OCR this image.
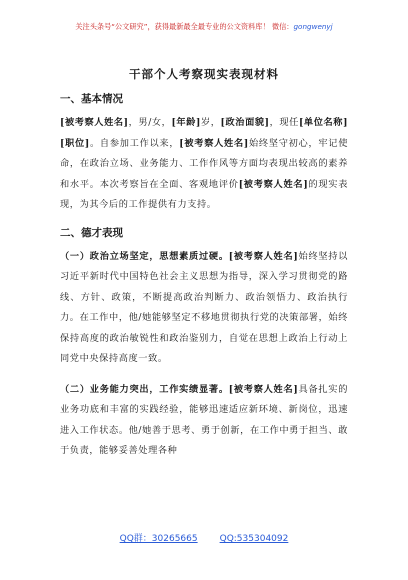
关注头条号“公文研究”，获得最新最全最专业的公文资料库！ 微信：gongwenyj
干部个人考察现实表现材料
一、基本情况

[被考察人姓名]，男/女，[年龄]岁，[政治面貌]，现任[单位名称][职位]。自参加工作以来，[被考察人姓名]始终坚守初心，牢记使命，在政治立场、业务能力、工作作风等方面均表现出较高的素养和水平。本次考察旨在全面、客观地评价[被考察人姓名]的现实表现，为其今后的工作提供有力支持。

二、德才表现

（一）政治立场坚定，思想素质过硬。[被考察人姓名]始终坚持以习近平新时代中国特色社会主义思想为指导，深入学习贯彻党的路线、方针、政策，不断提高政治判断力、政治领悟力、政治执行力。在工作中，他/她能够坚定不移地贯彻执行党的决策部署，始终保持高度的政治敏锐性和政治鉴别力，自觉在思想上政治上行动上同党中央保持高度一致。

（二）业务能力突出，工作实绩显著。[被考察人姓名]具备扎实的业务功底和丰富的实践经验，能够迅速适应新环境、新岗位，迅速进入工作状态。他/她善于思考、勇于创新，在工作中勇于担当、敢于负责，能够妥善处理各种

QQ群：30265665 QQ:535304092
